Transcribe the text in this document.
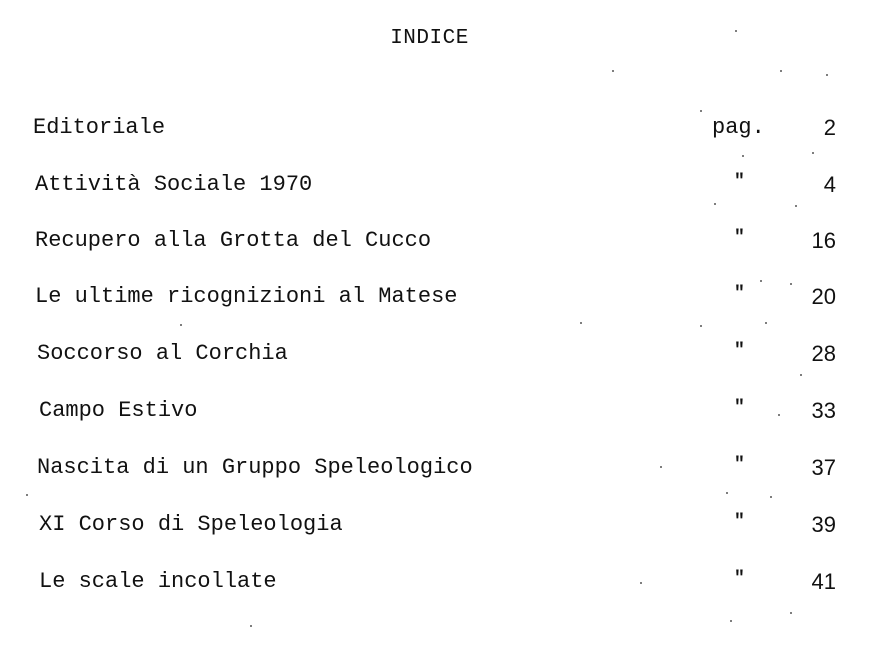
INDICE
Editoriale	pag.	2
Attività Sociale 1970	"	4
Recupero alla Grotta del Cucco	"	16
Le ultime ricognizioni al Matese	"	20
Soccorso al Corchia	"	28
Campo Estivo	"	33
Nascita di un Gruppo Speleologico	"	37
XI Corso di Speleologia	"	39
Le scale incollate	"	41
